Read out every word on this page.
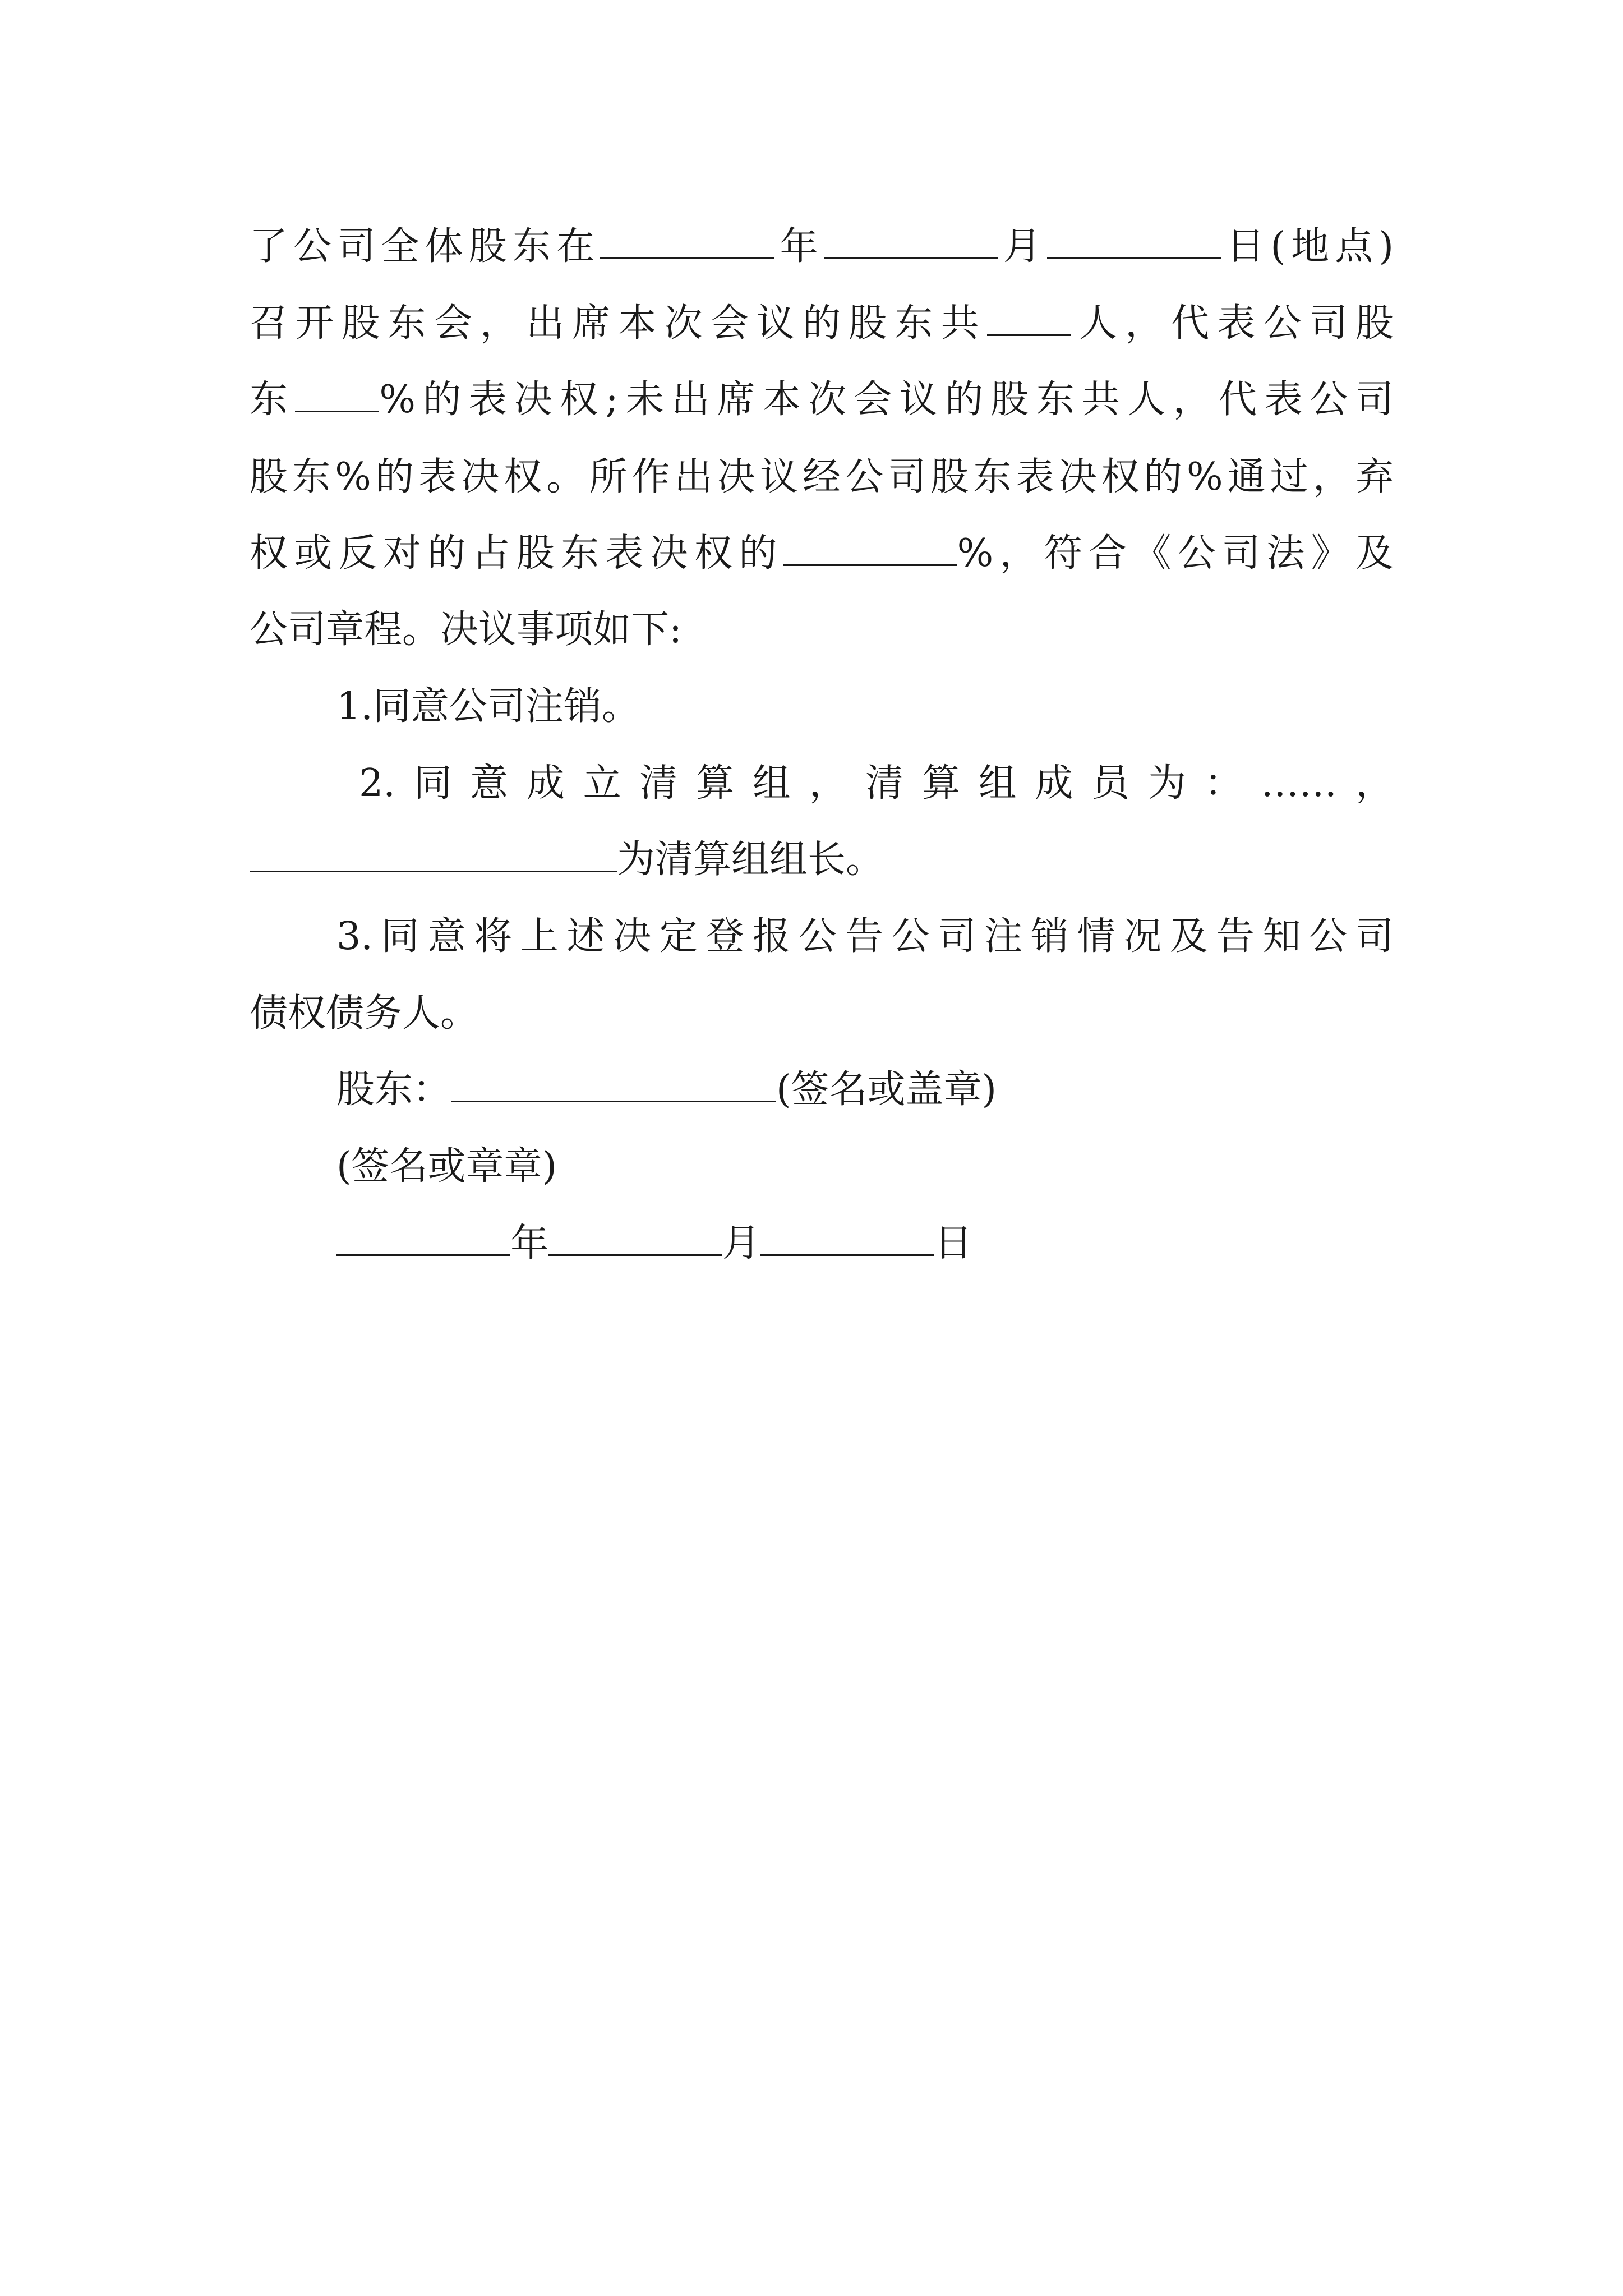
了公司全体股东在	年	月	日(地点)
召开股东会，出席本次会议的股东共 人，代表公司股
东 %的表决权;未出席本次会议的股东共人，代表公司
股东%的表决权。所作出决议经公司股东表决权的%通过，弃
权或反对的占股东表决权的	%，符合《公司法》及
公司章程。决议事项如下:
1.同意公司注销。
2.同意成立清算组，清算组成员为：……，
为清算组组长。
3.同意将上述决定登报公告公司注销情况及告知公司
债权债务人。
股东：	(签名或盖章)
(签名或章章)
年	月	日
